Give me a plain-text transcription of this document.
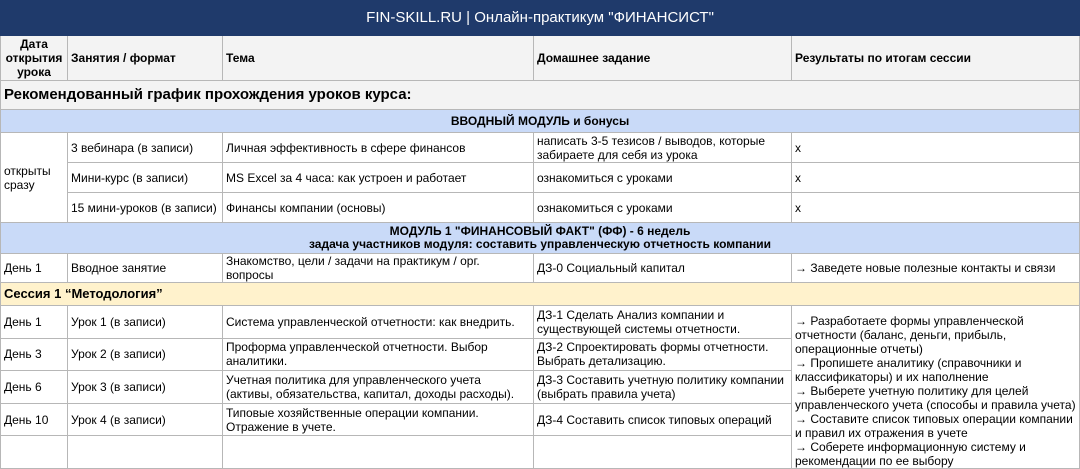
FIN-SKILL.RU | Онлайн-практикум "ФИНАНСИСТ"				
Дата открытия урока	Занятия / формат	Тема	Домашнее задание	Результаты по итогам сессии
Рекомендованный график прохождения уроков курса:				
ВВОДНЫЙ МОДУЛЬ и бонусы				
открыты сразу	3 вебинара (в записи)	Личная эффективность в сфере финансов	написать 3-5 тезисов / выводов, которые забираете для себя из урока	x
	Мини-курс (в записи)	MS Excel за 4 часа: как устроен и работает	ознакомиться с уроками	x
	15 мини-уроков (в записи)	Финансы компании (основы)	ознакомиться с уроками	x

МОДУЛЬ 1 "ФИНАНСОВЫЙ ФАКТ" (ФФ) - 6 недель
задача участников модуля: составить управленческую отчетность компании				

День 1	Вводное занятие	Знакомство, цели / задачи на практикум / орг. вопросы	ДЗ-0 Социальный капитал	→ Заведете новые полезные контакты и связи
Сессия 1 “Методология”				
День 1	Урок 1 (в записи)	Система управленческой отчетности: как внедрить.	ДЗ-1 Сделать Анализ компании и существующей системы отчетности.	→ Разработаете формы управленческой отчетности (баланс, деньги, прибыль, операционные отчеты)
→ Пропишете аналитику (справочники и классификаторы) и их наполнение
→ Выберете учетную политику для целей управленческого учета (способы и правила учета)
→ Составите список типовых операции компании и правил их отражения в учете
→ Соберете информационную систему и рекомендации по ее выбору

День 3	Урок 2 (в записи)	Проформа управленческой отчетности. Выбор аналитики.	ДЗ-2 Спроектировать формы отчетности. Выбрать детализацию.	
День 6	Урок 3 (в записи)	Учетная политика для управленческого учета (активы, обязательства, капитал, доходы расходы).	ДЗ-3 Составить учетную политику компании (выбрать правила учета)	
День 10	Урок 4 (в записи)	Типовые хозяйственные операции компании. Отражение в учете.	ДЗ-4 Составить список типовых операций	
